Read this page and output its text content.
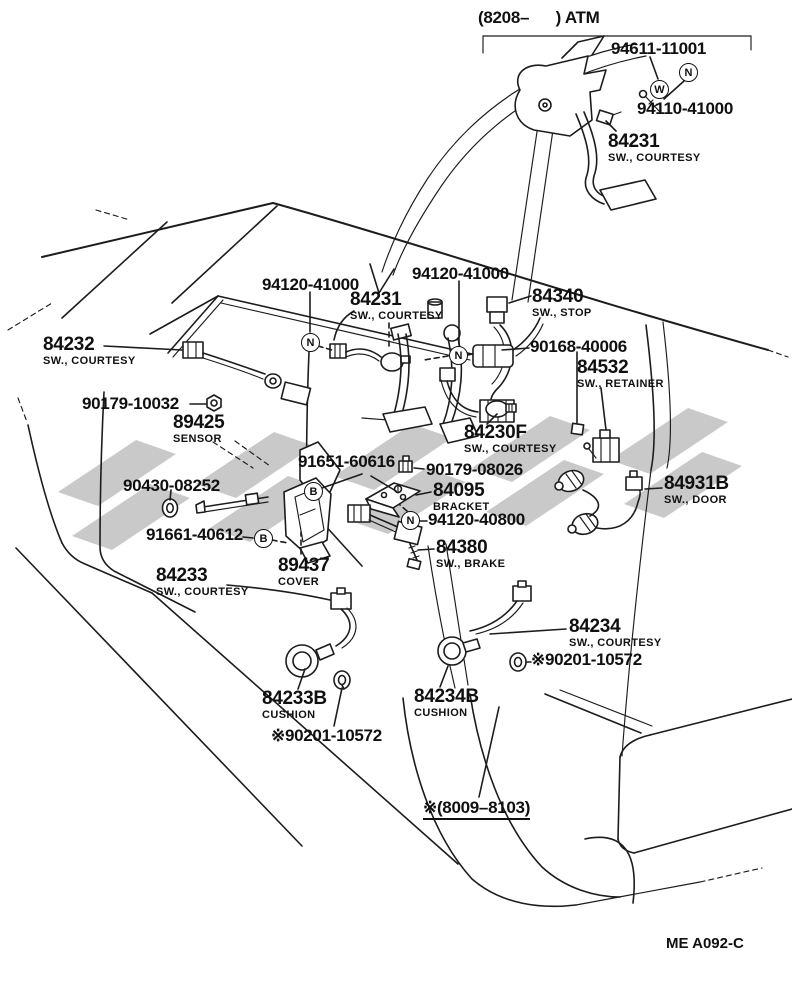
(8208–      ) ATM
94611-11001
94110-41000
84231
SW., COURTESY
94120-41000
84231
SW., COURTESY
94120-41000
84340
SW., STOP
90168-40006
84532
SW., RETAINER
84232
SW., COURTESY
90179-10032
89425
SENSOR
91651-60616
84230F
SW., COURTESY
90179-08026
90430-08252	84095
BRACKET
94120-40800
84931B
SW., DOOR
91661-40612
84380
SW., BRAKE
89437
COVER
84233
SW., COURTESY
84234
SW., COURTESY
※90201-10572
84233B
CUSHION
84234B
CUSHION
※90201-10572
※(8009–8103)
ME A092-C
W
N
N
N
N
B
B
